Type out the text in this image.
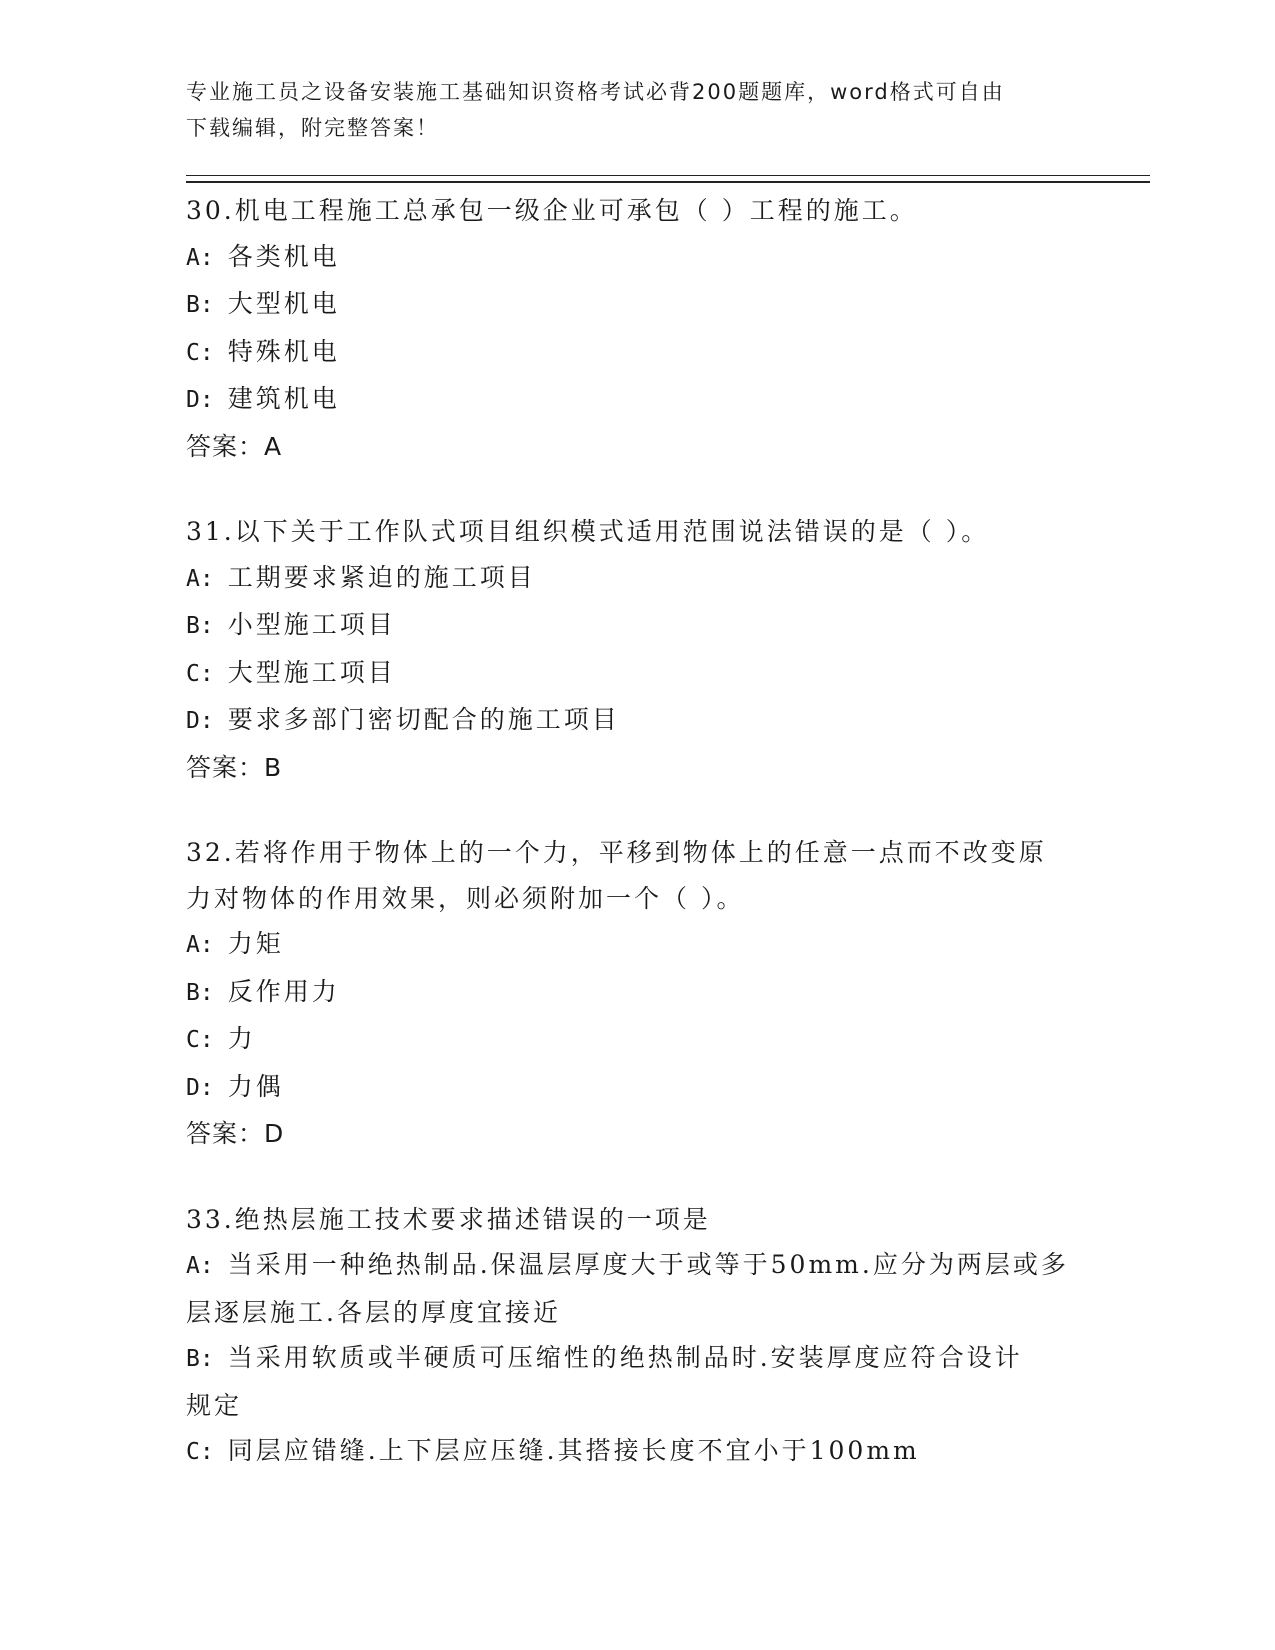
专业施工员之设备安装施工基础知识资格考试必背200题题库，word格式可自由
下载编辑，附完整答案！
30.机电工程施工总承包一级企业可承包（ ）工程的施工。
A: 各类机电
B: 大型机电
C: 特殊机电
D: 建筑机电
答案：A
31.以下关于工作队式项目组织模式适用范围说法错误的是（ ）。
A: 工期要求紧迫的施工项目
B: 小型施工项目
C: 大型施工项目
D: 要求多部门密切配合的施工项目
答案：B
32.若将作用于物体上的一个力，平移到物体上的任意一点而不改变原
力对物体的作用效果，则必须附加一个（ ）。
A: 力矩
B: 反作用力
C: 力
D: 力偶
答案：D
33.绝热层施工技术要求描述错误的一项是
A: 当采用一种绝热制品.保温层厚度大于或等于50mm.应分为两层或多
层逐层施工.各层的厚度宜接近
B: 当采用软质或半硬质可压缩性的绝热制品时.安装厚度应符合设计
规定
C: 同层应错缝.上下层应压缝.其搭接长度不宜小于100mm
